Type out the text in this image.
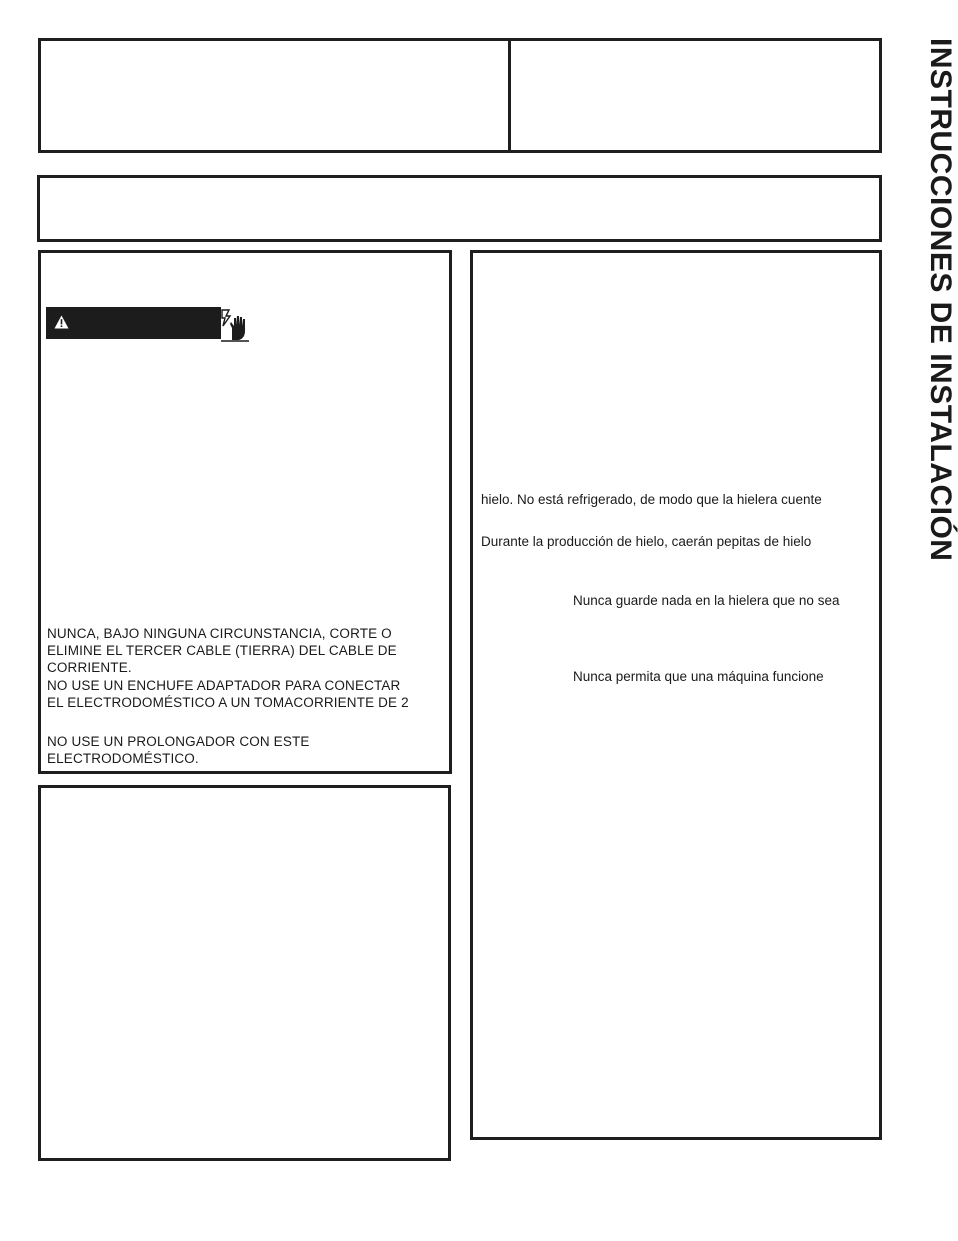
INSTRUCCIONES DE INSTALACIÓN
NUNCA, BAJO NINGUNA CIRCUNSTANCIA, CORTE O
ELIMINE EL TERCER CABLE (TIERRA) DEL CABLE DE
CORRIENTE.
NO USE UN ENCHUFE ADAPTADOR PARA CONECTAR
EL ELECTRODOMÉSTICO A UN TOMACORRIENTE DE 2
NO USE UN PROLONGADOR CON ESTE
ELECTRODOMÉSTICO.
hielo. No está refrigerado, de modo que la hielera cuente
Durante la producción de hielo, caerán pepitas de hielo
Nunca guarde nada en la hielera que no sea
Nunca permita que una máquina funcione
